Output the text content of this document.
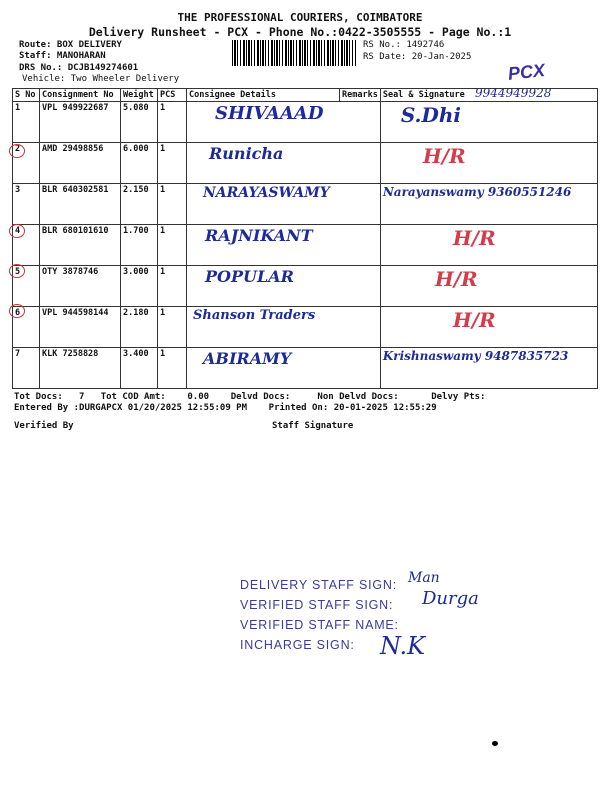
THE PROFESSIONAL COURIERS, COIMBATORE
Delivery Runsheet - PCX - Phone No.:0422-3505555 - Page No.:1
Route: BOX DELIVERY
Staff: MANOHARAN
DRS No.: DCJB149274601
Vehicle: Two Wheeler Delivery
RS No.: 1492746
RS Date: 20-Jan-2025
PCX
9944949928
S No	Consignment No	Weight	PCS	Consignee Details	Remarks	Seal & Signature
1	VPL 949922687	5.080	1	SHIVAAAD		S.Dhi
2	AMD 29498856	6.000	1	Runicha		H/R
3	BLR 640302581	2.150	1	NARAYASWAMY		Narayanswamy 9360551246
4	BLR 680101610	1.700	1	RAJNIKANT		H/R
5	OTY 3878746	3.000	1	POPULAR		H/R
6	VPL 944598144	2.180	1	Shanson Traders		H/R
7	KLK 7258828	3.400	1	ABIRAMY		Krishnaswamy 9487835723
Tot Docs:   7   Tot COD Amt:    0.00    Delvd Docs:     Non Delvd Docs:      Delvy Pts:
Entered By :DURGAPCX 01/20/2025 12:55:09 PM    Printed On: 20-01-2025 12:55:29
Verified By	Staff Signature
DELIVERY STAFF SIGN:
VERIFIED STAFF SIGN:
VERIFIED STAFF NAME:
INCHARGE SIGN:
Man
Durga
N.K
